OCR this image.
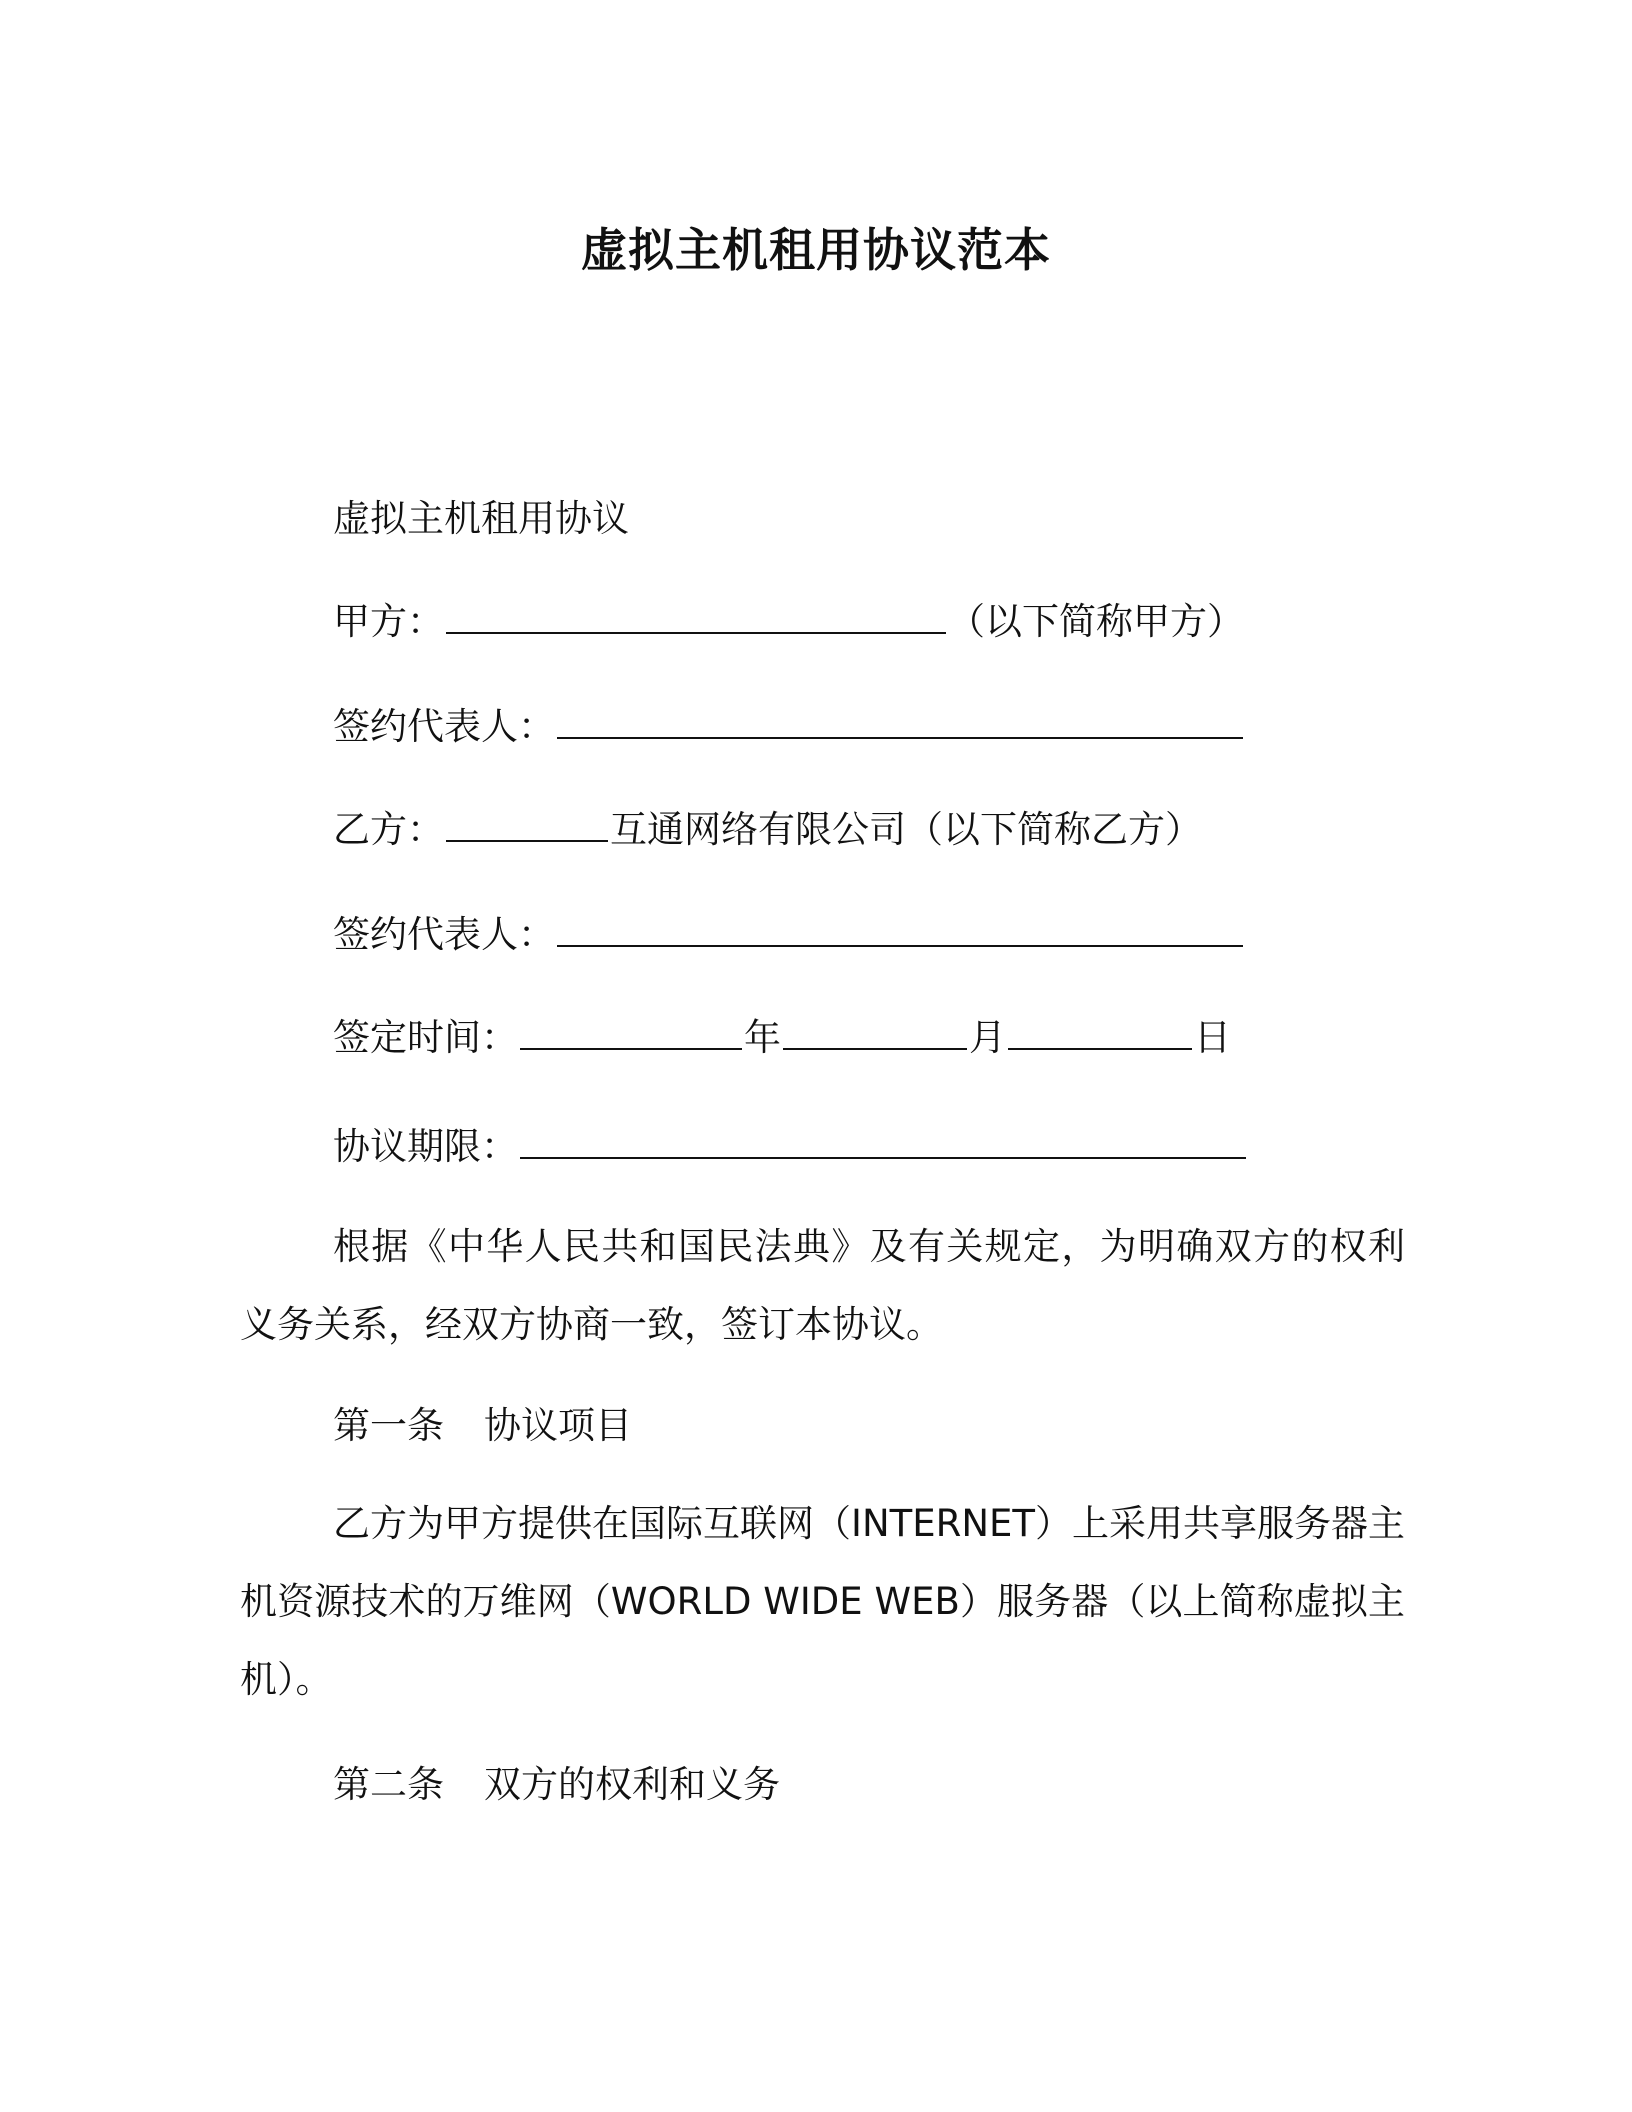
虚拟主机租用协议范本
虚拟主机租用协议
甲方：	（以下简称甲方）
签约代表人：
乙方：	互通网络有限公司（以下简称乙方）
签约代表人：
签定时间：	年	月	日
协议期限：
根据《中华人民共和国民法典》及有关规定，为明确双方的权利义务关系，经双方协商一致，签订本协议。
第一条 协议项目
乙方为甲方提供在国际互联网（INTERNET）上采用共享服务器主机资源技术的万维网（WORLD WIDE WEB）服务器（以上简称虚拟主机）。
第二条 双方的权利和义务
